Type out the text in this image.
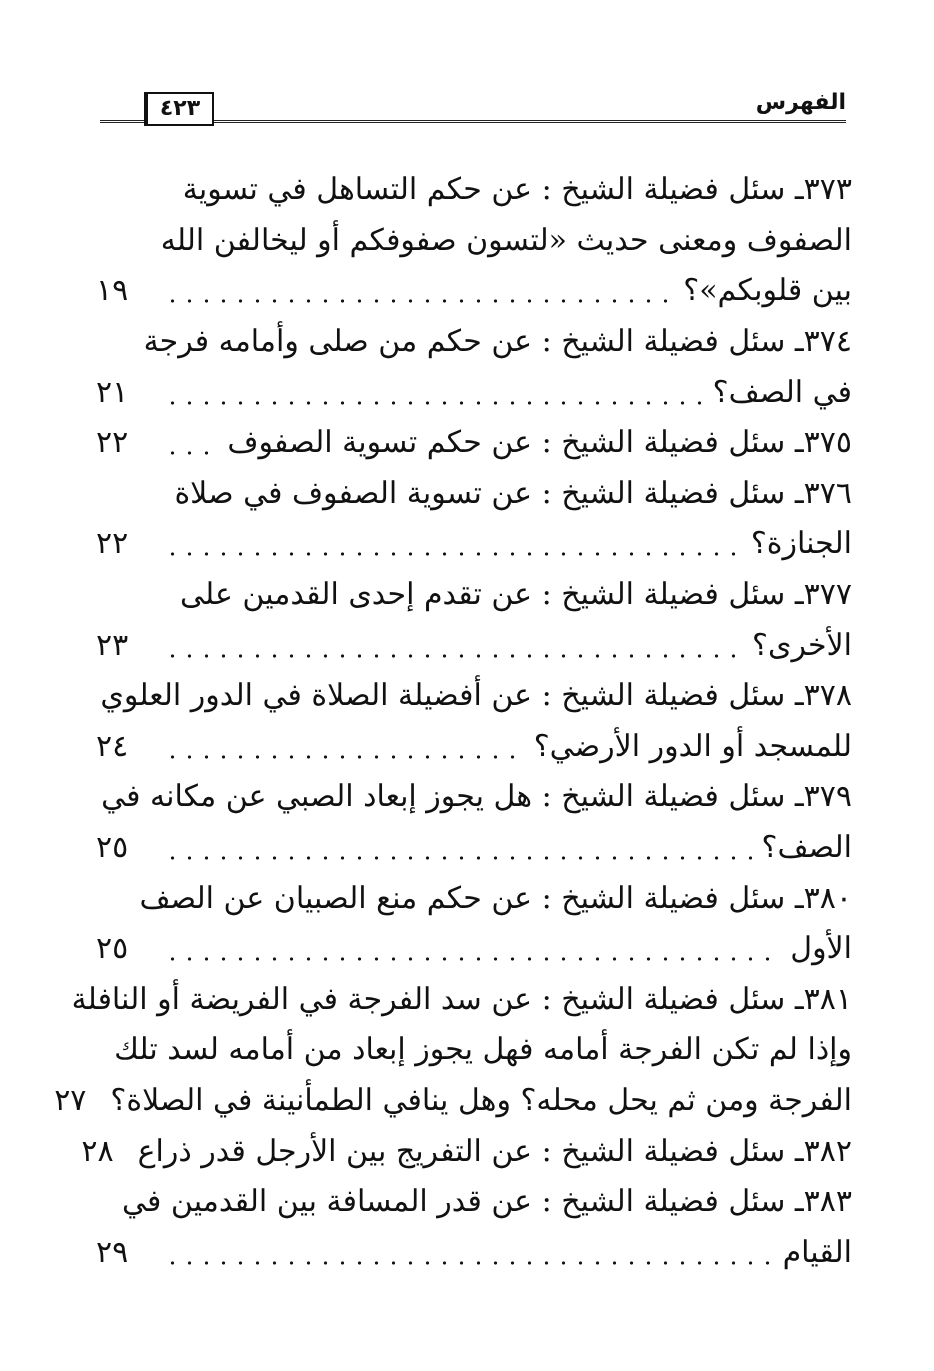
٤٢٣	الفهرس
٣٧٣ـ سئل فضيلة الشيخ : عن حكم التساهل في تسوية
الصفوف ومعنى حديث «لتسون صفوفكم أو ليخالفن الله
بين قلوبكم»؟
١٩
٣٧٤ـ سئل فضيلة الشيخ : عن حكم من صلى وأمامه فرجة
في الصف؟
٢١
٣٧٥ـ سئل فضيلة الشيخ : عن حكم تسوية الصفوف
٢٢
٣٧٦ـ سئل فضيلة الشيخ : عن تسوية الصفوف في صلاة
الجنازة؟
٢٢
٣٧٧ـ سئل فضيلة الشيخ : عن تقدم إحدى القدمين على
الأخرى؟
٢٣
٣٧٨ـ سئل فضيلة الشيخ : عن أفضيلة الصلاة في الدور العلوي
للمسجد أو الدور الأرضي؟
٢٤
٣٧٩ـ سئل فضيلة الشيخ : هل يجوز إبعاد الصبي عن مكانه في
الصف؟
٢٥
٣٨٠ـ سئل فضيلة الشيخ : عن حكم منع الصبيان عن الصف
الأول
٢٥
٣٨١ـ سئل فضيلة الشيخ : عن سد الفرجة في الفريضة أو النافلة
وإذا لم تكن الفرجة أمامه فهل يجوز إبعاد من أمامه لسد تلك
الفرجة ومن ثم يحل محله؟ وهل ينافي الطمأنينة في الصلاة؟
٢٧
٣٨٢ـ سئل فضيلة الشيخ : عن التفريج بين الأرجل قدر ذراع
٢٨
٣٨٣ـ سئل فضيلة الشيخ : عن قدر المسافة بين القدمين في
القيام
٢٩
